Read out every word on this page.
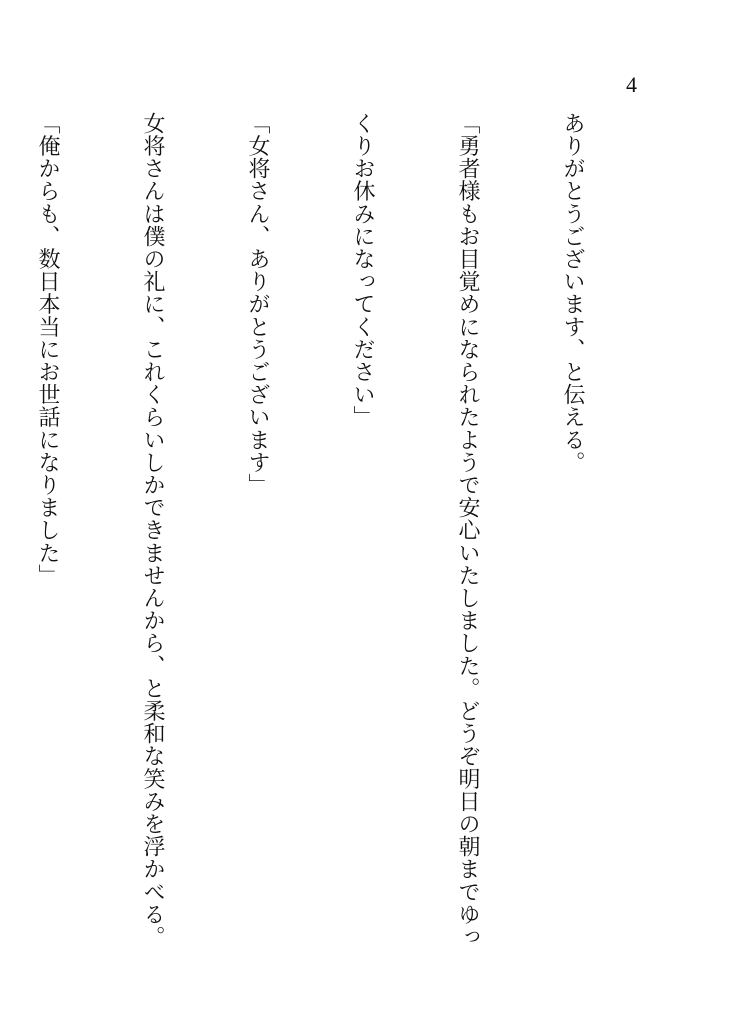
4

ありがとうございます、と伝える。

「勇者様もお目覚めになられたようで安心いたしました。どうぞ明日の朝までゆっ

くりお休みになってください」

「女将さん、ありがとうございます」

女将さんは僕の礼に、これくらいしかできませんから、と柔和な笑みを浮かべる。

「俺からも、数日本当にお世話になりました」
